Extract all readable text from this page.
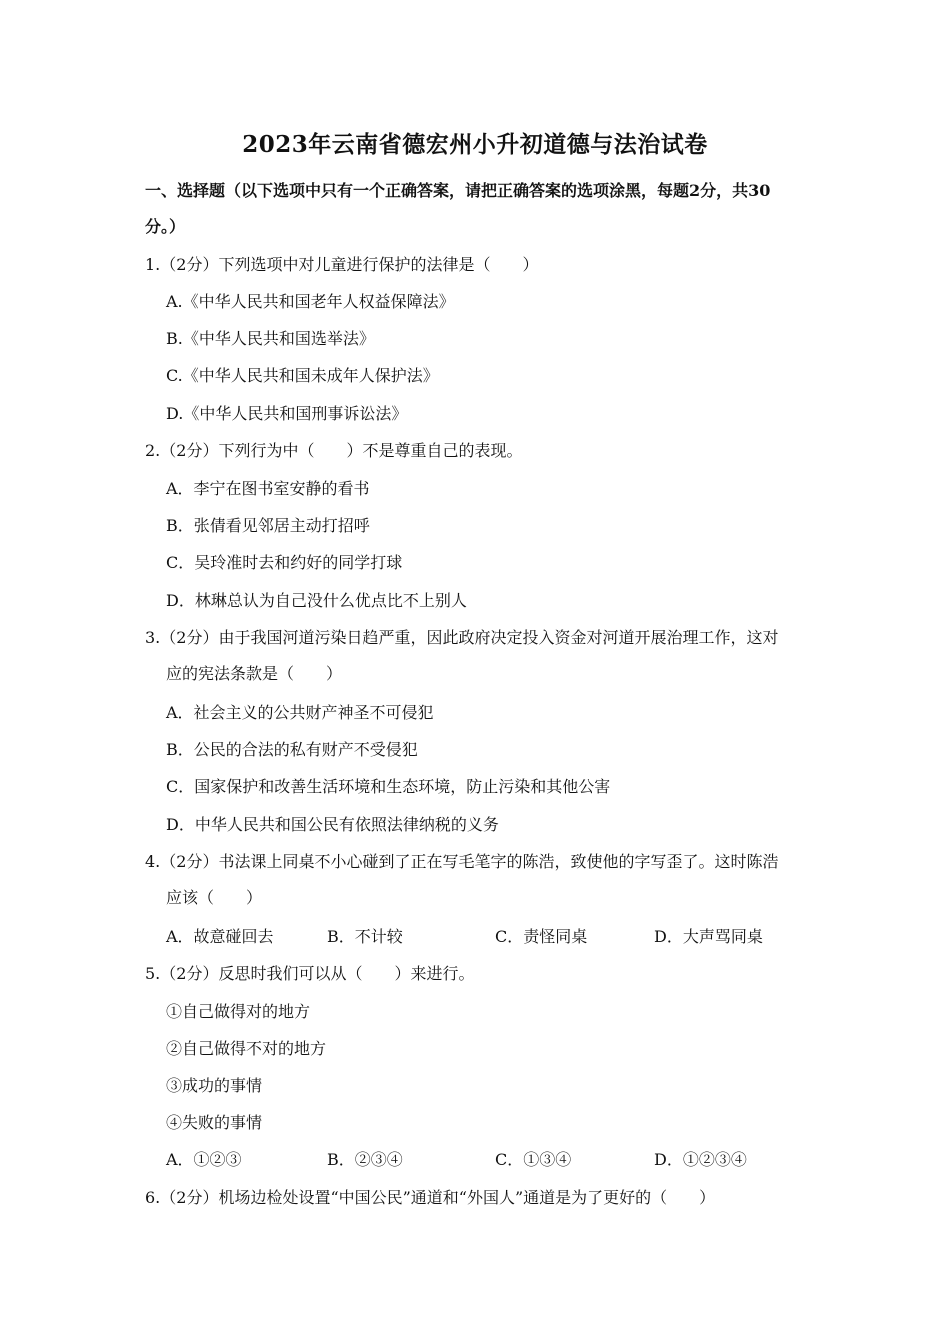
2023年云南省德宏州小升初道德与法治试卷
一、选择题（以下选项中只有一个正确答案，请把正确答案的选项涂黑，每题2分，共30
分。）
1.（2分）下列选项中对儿童进行保护的法律是（　　）
A.《中华人民共和国老年人权益保障法》
B.《中华人民共和国选举法》
C.《中华人民共和国未成年人保护法》
D.《中华人民共和国刑事诉讼法》
2.（2分）下列行为中（　　）不是尊重自己的表现。
A．李宁在图书室安静的看书
B．张倩看见邻居主动打招呼
C．吴玲准时去和约好的同学打球
D．林琳总认为自己没什么优点比不上别人
3.（2分）由于我国河道污染日趋严重，因此政府决定投入资金对河道开展治理工作，这对
应的宪法条款是（　　）
A．社会主义的公共财产神圣不可侵犯
B．公民的合法的私有财产不受侵犯
C．国家保护和改善生活环境和生态环境，防止污染和其他公害
D．中华人民共和国公民有依照法律纳税的义务
4.（2分）书法课上同桌不小心碰到了正在写毛笔字的陈浩，致使他的字写歪了。这时陈浩
应该（　　）
A．故意碰回去	B．不计较	C．责怪同桌	D．大声骂同桌
5.（2分）反思时我们可以从（　　）来进行。
①自己做得对的地方
②自己做得不对的地方
③成功的事情
④失败的事情
A．①②③	B．②③④	C．①③④	D．①②③④
6.（2分）机场边检处设置“中国公民”通道和“外国人”通道是为了更好的（　　）
